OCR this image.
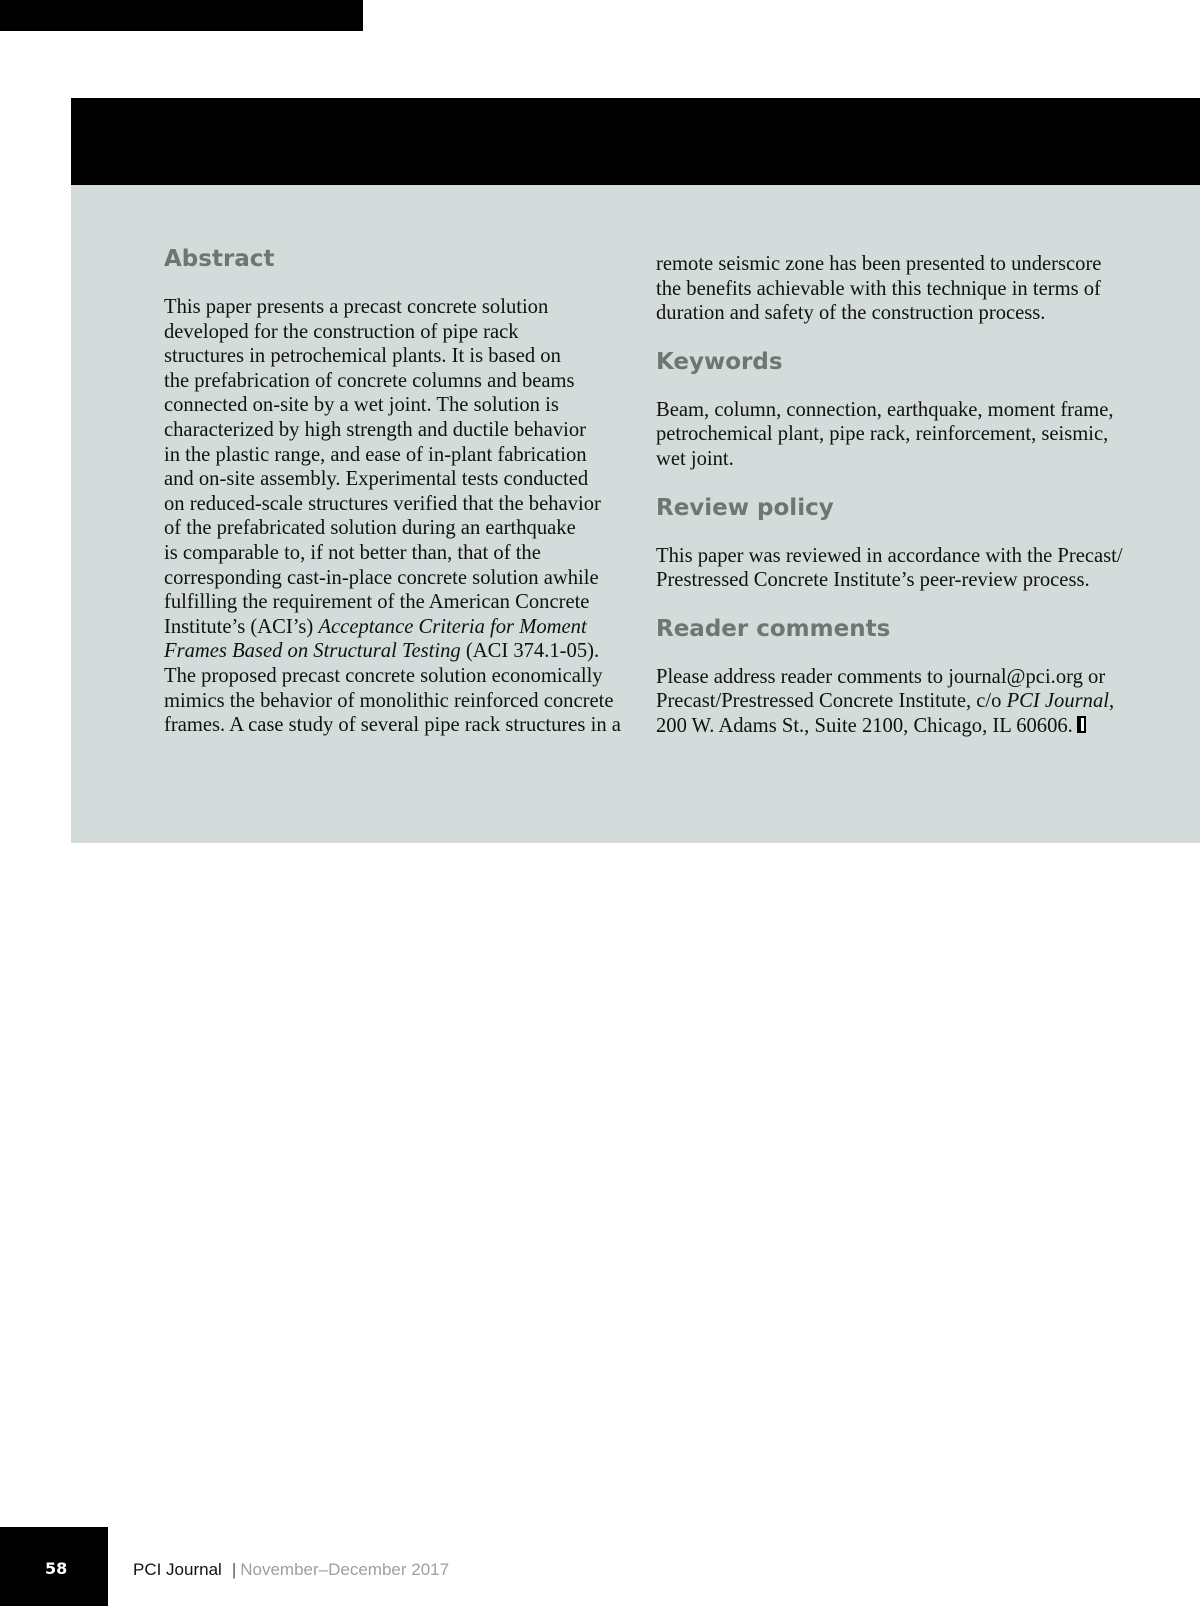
Abstract

This paper presents a precast concrete solution
developed for the construction of pipe rack
structures in petrochemical plants. It is based on
the prefabrication of concrete columns and beams
connected on-site by a wet joint. The solution is
characterized by high strength and ductile behavior
in the plastic range, and ease of in-plant fabrication
and on-site assembly. Experimental tests conducted
on reduced-scale structures verified that the behavior
of the prefabricated solution during an earthquake
is comparable to, if not better than, that of the
corresponding cast-in-place concrete solution awhile
fulfilling the requirement of the American Concrete
Institute’s (ACI’s) Acceptance Criteria for Moment
Frames Based on Structural Testing (ACI 374.1-05).
The proposed precast concrete solution economically
mimics the behavior of monolithic reinforced concrete
frames. A case study of several pipe rack structures in a

remote seismic zone has been presented to underscore
the benefits achievable with this technique in terms of
duration and safety of the construction process.

Keywords

Beam, column, connection, earthquake, moment frame,
petrochemical plant, pipe rack, reinforcement, seismic,
wet joint.

Review policy

This paper was reviewed in accordance with the Precast/
Prestressed Concrete Institute’s peer-review process.

Reader comments

Please address reader comments to journal@pci.org or
Precast/Prestressed Concrete Institute, c/o PCI Journal,
200 W. Adams St., Suite 2100, Chicago, IL 60606.

58	PCI Journal | November–December 2017
